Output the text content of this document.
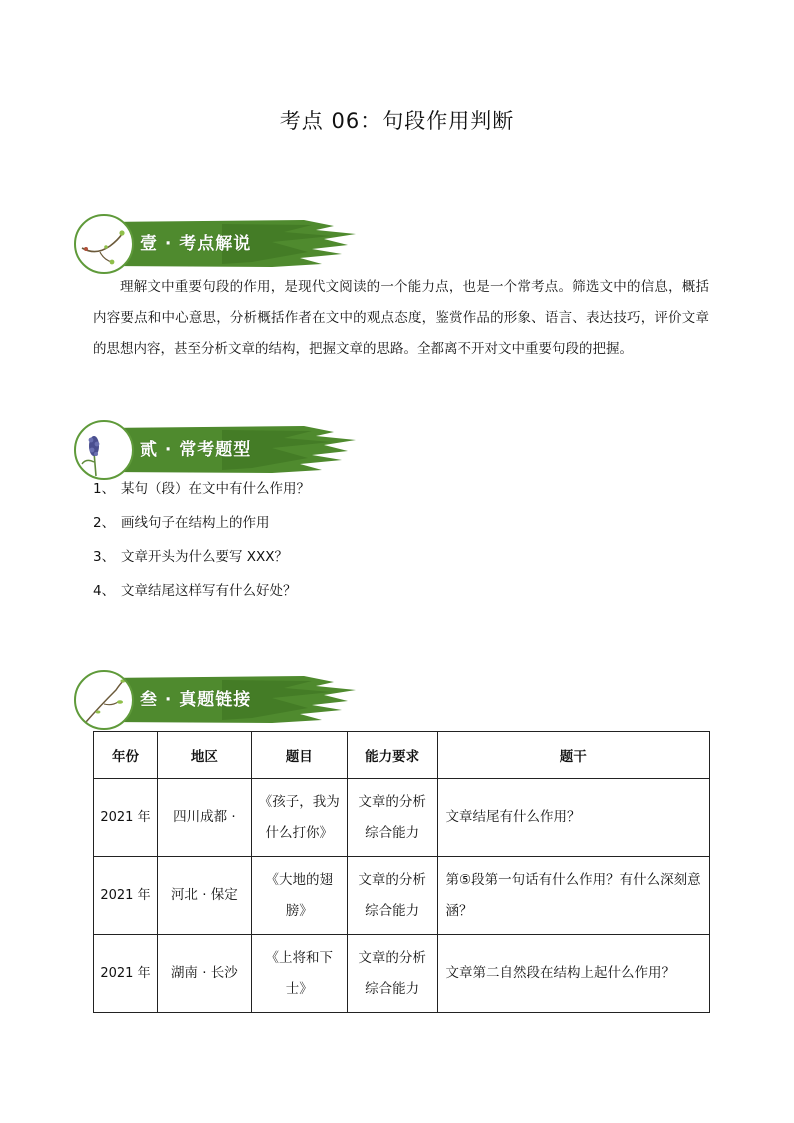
考点 06：句段作用判断
壹 · 考点解说
理解文中重要句段的作用，是现代文阅读的一个能力点，也是一个常考点。筛选文中的信息，概括内容要点和中心意思，分析概括作者在文中的观点态度，鉴赏作品的形象、语言、表达技巧，评价文章的思想内容，甚至分析文章的结构，把握文章的思路。全都离不开对文中重要句段的把握。
贰 · 常考题型
1、 某句（段）在文中有什么作用？
2、 画线句子在结构上的作用
3、 文章开头为什么要写 XXX？
4、 文章结尾这样写有什么好处？
叁 · 真题链接
年份	地区	题目	能力要求	题干
2021 年	四川成都 ·	《孩子，我为什么打你》	文章的分析综合能力	文章结尾有什么作用？
2021 年	河北 · 保定	《大地的翅膀》	文章的分析综合能力	第⑤段第一句话有什么作用？有什么深刻意涵？
2021 年	湖南 · 长沙	《上将和下士》	文章的分析综合能力	文章第二自然段在结构上起什么作用？
